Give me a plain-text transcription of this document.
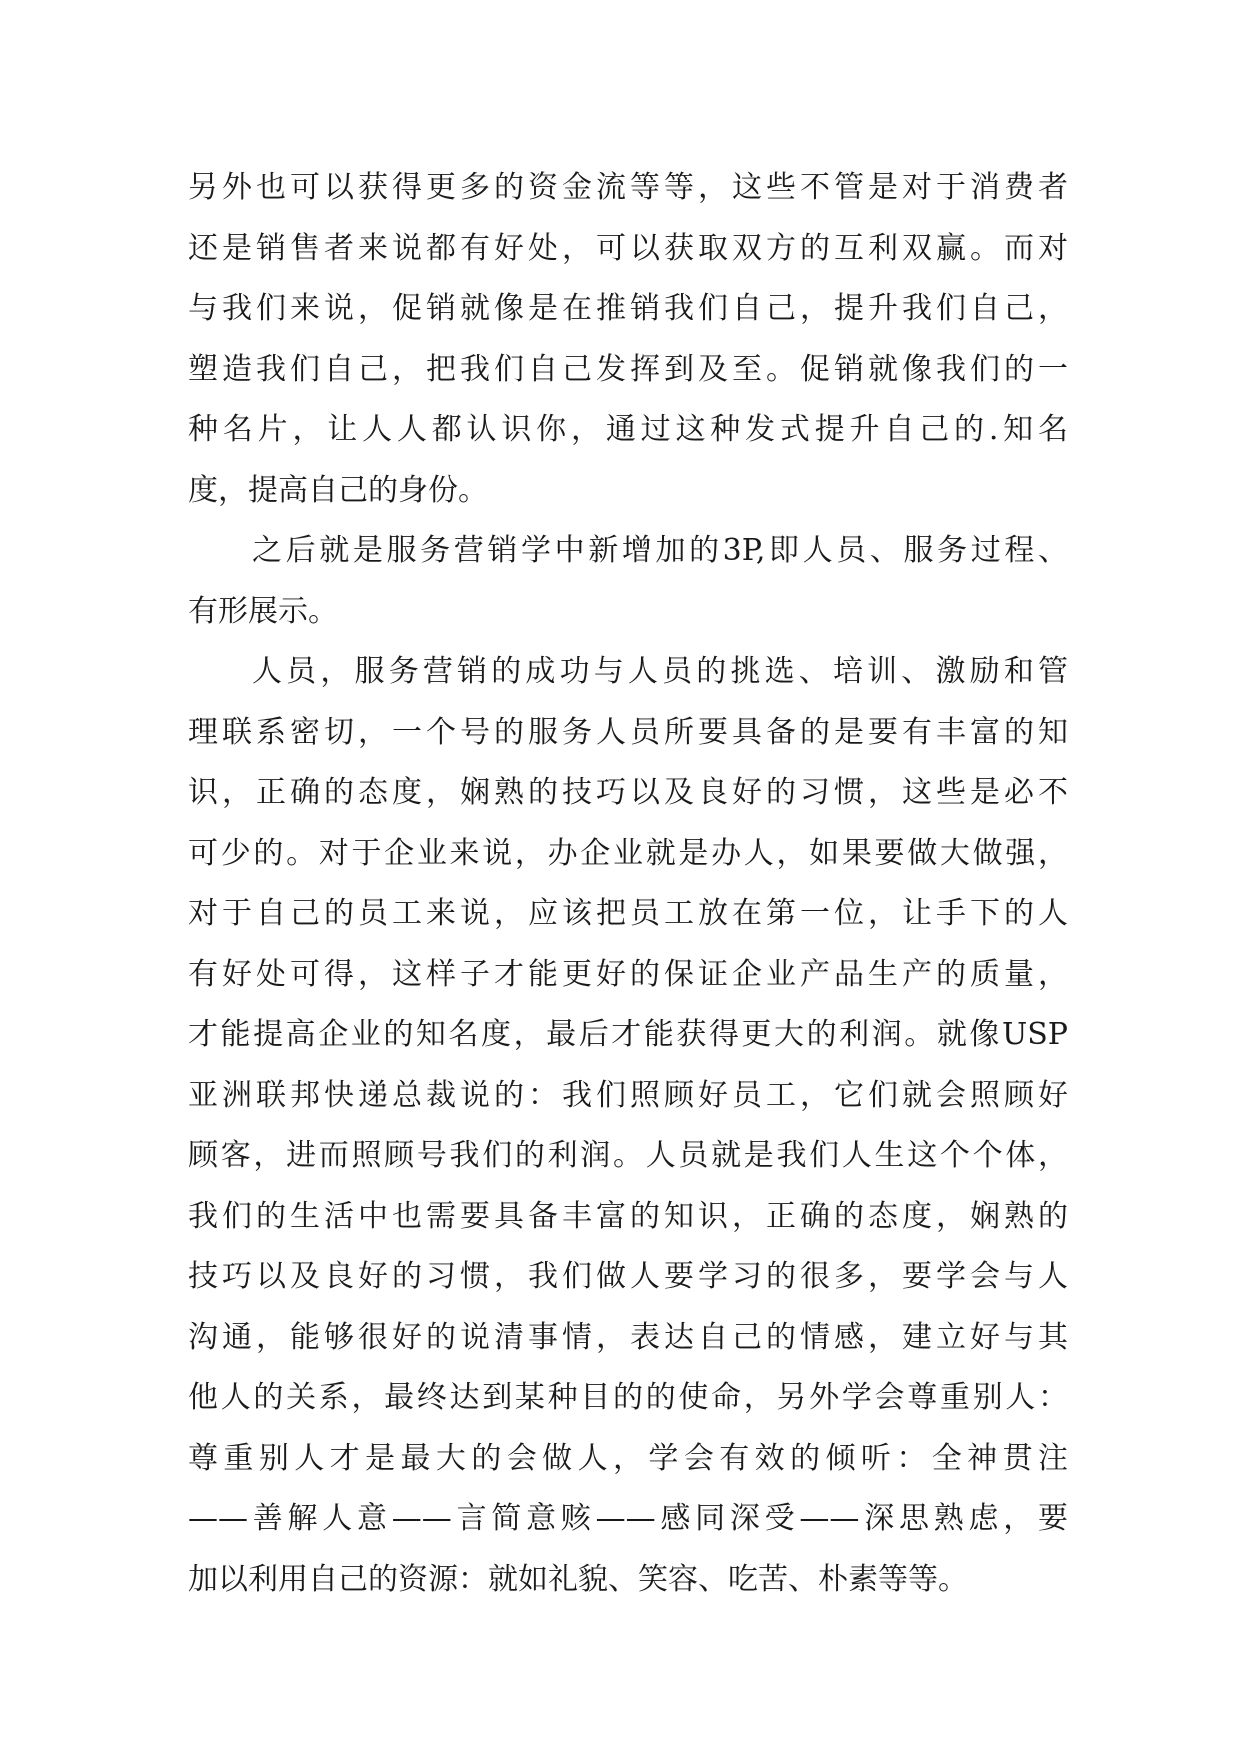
另外也可以获得更多的资金流等等，这些不管是对于消费者
还是销售者来说都有好处，可以获取双方的互利双赢。而对
与我们来说，促销就像是在推销我们自己，提升我们自己，
塑造我们自己，把我们自己发挥到及至。促销就像我们的一
种名片，让人人都认识你，通过这种发式提升自己的.知名
度，提高自己的身份。
之后就是服务营销学中新增加的3P,即人员、服务过程、
有形展示。
人员，服务营销的成功与人员的挑选、培训、激励和管
理联系密切，一个号的服务人员所要具备的是要有丰富的知
识，正确的态度，娴熟的技巧以及良好的习惯，这些是必不
可少的。对于企业来说，办企业就是办人，如果要做大做强，
对于自己的员工来说，应该把员工放在第一位，让手下的人
有好处可得，这样子才能更好的保证企业产品生产的质量，
才能提高企业的知名度，最后才能获得更大的利润。就像USP
亚洲联邦快递总裁说的：我们照顾好员工，它们就会照顾好
顾客，进而照顾号我们的利润。人员就是我们人生这个个体，
我们的生活中也需要具备丰富的知识，正确的态度，娴熟的
技巧以及良好的习惯，我们做人要学习的很多，要学会与人
沟通，能够很好的说清事情，表达自己的情感，建立好与其
他人的关系，最终达到某种目的的使命，另外学会尊重别人：
尊重别人才是最大的会做人，学会有效的倾听：全神贯注
——善解人意——言简意赅——感同深受——深思熟虑，要
加以利用自己的资源：就如礼貌、笑容、吃苦、朴素等等。
